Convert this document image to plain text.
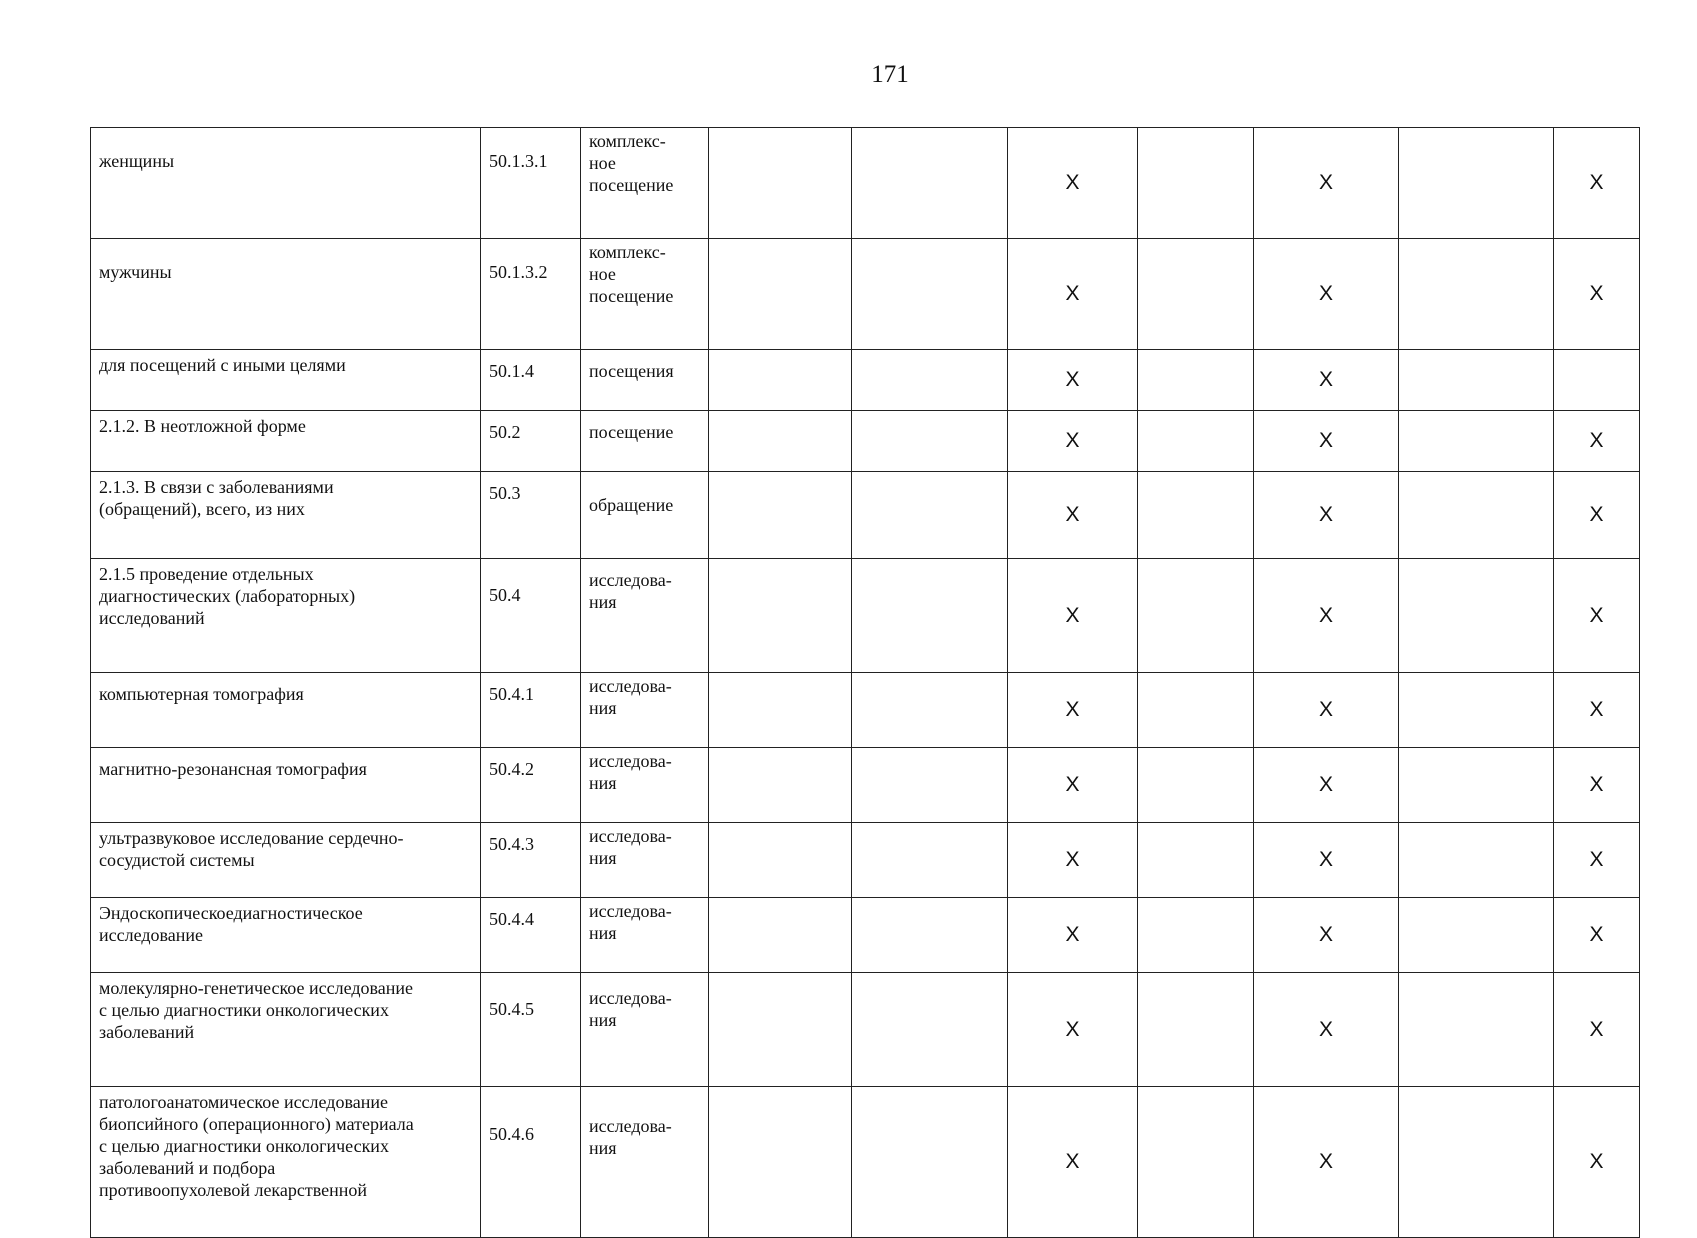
171
женщины	50.1.3.1	комплекс-
ное
посещение			Х		Х		Х
мужчины	50.1.3.2	комплекс-
ное
посещение			Х		Х		Х
для посещений с иными целями	50.1.4	посещения			Х		Х		
2.1.2. В неотложной форме	50.2	посещение			Х		Х		Х
2.1.3. В связи с заболеваниями
(обращений), всего, из них	50.3	обращение			Х		Х		Х
2.1.5 проведение отдельных
диагностических (лабораторных)
исследований	50.4	исследова-
ния			Х		Х		Х
компьютерная томография	50.4.1	исследова-
ния			Х		Х		Х
магнитно-резонансная томография	50.4.2	исследова-
ния			Х		Х		Х
ультразвуковое исследование сердечно-
сосудистой системы	50.4.3	исследова-
ния			Х		Х		Х
Эндоскопическоедиагностическое
исследование	50.4.4	исследова-
ния			Х		Х		Х
молекулярно-генетическое исследование
с целью диагностики онкологических
заболеваний	50.4.5	исследова-
ния			Х		Х		Х
патологоанатомическое исследование
биопсийного (операционного) материала
с целью диагностики онкологических
заболеваний и подбора
противоопухолевой лекарственной	50.4.6	исследова-
ния			Х		Х		Х
